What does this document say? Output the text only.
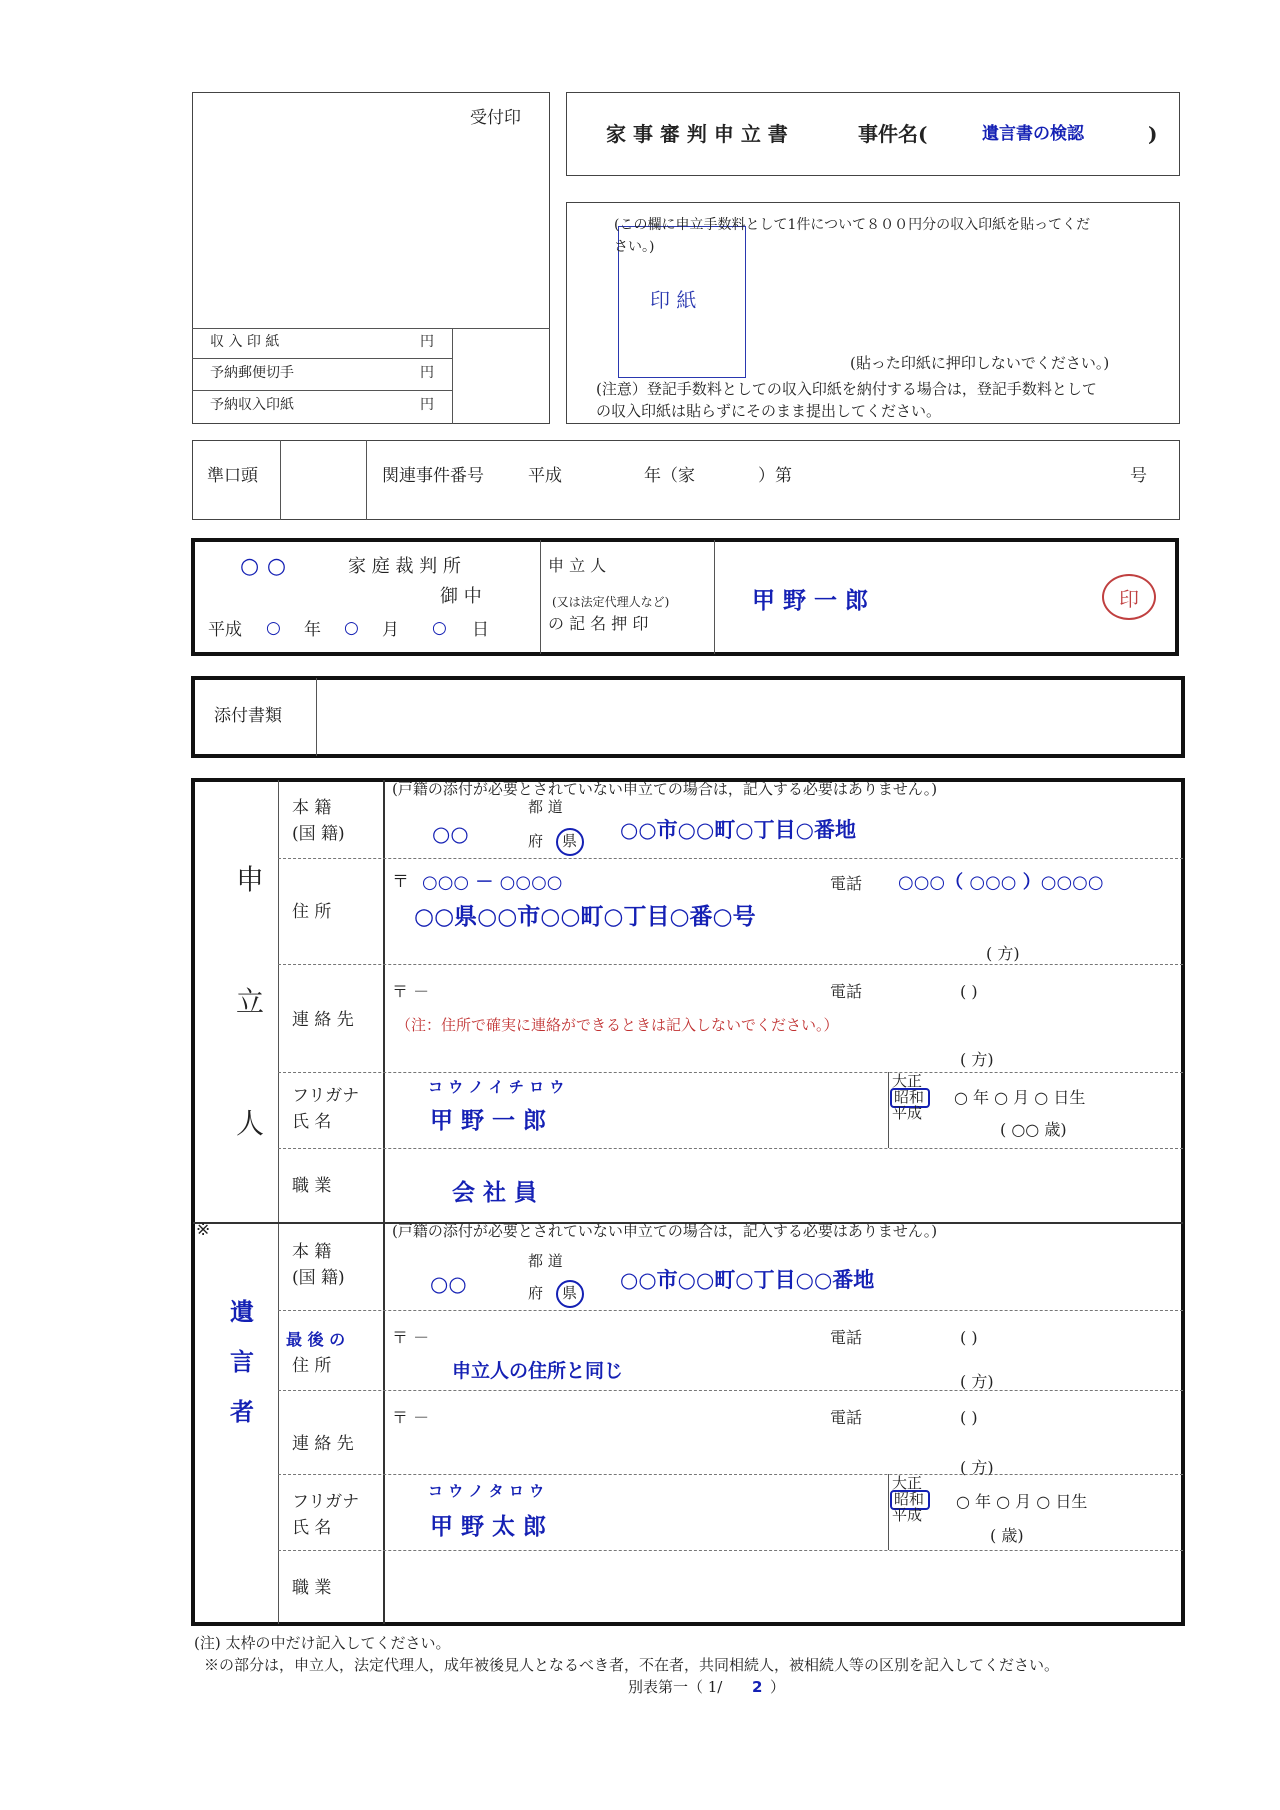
受付印
収 入 印 紙	円
予納郵便切手	円
予納収入印紙	円
家 事 審 判 申 立 書	事件名(	遺言書の検認	)
(この欄に申立手数料として1件について８００円分の収入印紙を貼ってくだ
さい。)
印 紙
(貼った印紙に押印しないでください。)
(注意）登記手数料としての収入印紙を納付する場合は，登記手数料として
の収入印紙は貼らずにそのまま提出してください。
準口頭	関連事件番号	平成	年（家	）第	号
○ ○	家 庭 裁 判 所
御 中
平成 ○ 年 ○ 月 ○ 日
申 立 人
(又は法定代理人など)
の 記 名 押 印
甲 野 一 郎	印
添付書類
申
立
人
本 籍
(国 籍)
(戸籍の添付が必要とされていない申立ての場合は，記入する必要はありません。)
都 道
府 県
○○	○○市○○町○丁目○番地
住 所
〒 ○○○ － ○○○○	電話 ○○○（ ○○○ ）○○○○
○○県○○市○○町○丁目○番○号
( 方)
連 絡 先
〒 －	電話	( )
（注：住所で確実に連絡ができるときは記入しないでください。）
( 方)
フリガナ
氏 名
コ ウ ノ イ チ ロ ウ
甲 野 一 郎
大正
昭和
平成
○ 年 ○ 月 ○ 日生
( ○○ 歳)
職 業	会 社 員
※
遺
言
者
本 籍
(国 籍)
(戸籍の添付が必要とされていない申立ての場合は，記入する必要はありません。)
都 道
府 県
○○	○○市○○町○丁目○○番地
最 後 の
住 所
〒 －	電話	( )
申立人の住所と同じ	( 方)
連 絡 先
〒 －	電話	( )
( 方)
フリガナ
氏 名
コ ウ ノ タ ロ ウ
甲 野 太 郎
大正
昭和
平成
○ 年 ○ 月 ○ 日生
( 歳)
職 業
(注) 太枠の中だけ記入してください。
※の部分は，申立人，法定代理人，成年被後見人となるべき者，不在者，共同相続人，被相続人等の区別を記入してください。
別表第一（ 1/ 2 ）
